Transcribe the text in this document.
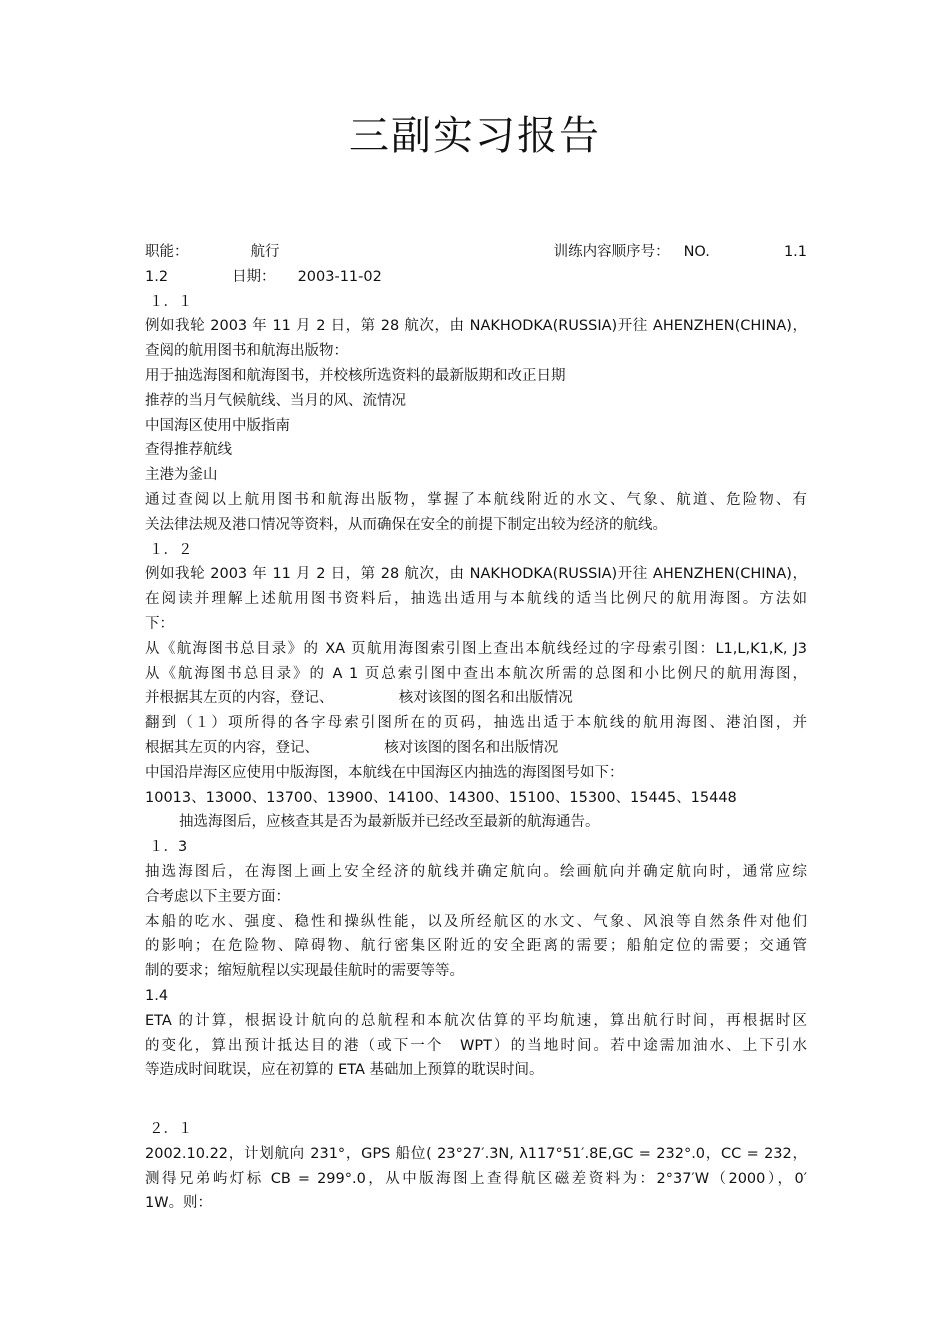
三副实习报告
职能：	航行	训练内容顺序号： NO.	1.1
1.2	日期： 2003-11-02
１．１
例如我轮 2003 年 11 月 2 日，第 28 航次，由 NAKHODKA(RUSSIA)开往 AHENZHEN(CHINA)，
查阅的航用图书和航海出版物：
用于抽选海图和航海图书，并校核所选资料的最新版期和改正日期
推荐的当月气候航线、当月的风、流情况
中国海区使用中版指南
查得推荐航线
主港为釜山
通过查阅以上航用图书和航海出版物，掌握了本航线附近的水文、气象、航道、危险物、有
关法律法规及港口情况等资料，从而确保在安全的前提下制定出较为经济的航线。
１．２
例如我轮 2003 年 11 月 2 日，第 28 航次，由 NAKHODKA(RUSSIA)开往 AHENZHEN(CHINA)，
在阅读并理解上述航用图书资料后，抽选出适用与本航线的适当比例尺的航用海图。方法如
下：
从《航海图书总目录》的 XA 页航用海图索引图上查出本航线经过的字母索引图：L1,L,K1,K, J3
从《航海图书总目录》的 A 1 页总索引图中查出本航次所需的总图和小比例尺的航用海图，
并根据其左页的内容，登记、　　　　　核对该图的图名和出版情况
翻到（１）项所得的各字母索引图所在的页码，抽选出适于本航线的航用海图、港泊图，并
根据其左页的内容，登记、　　　　　核对该图的图名和出版情况
中国沿岸海区应使用中版海图，本航线在中国海区内抽选的海图图号如下：
10013、13000、13700、13900、14100、14300、15100、15300、15445、15448
抽选海图后，应核查其是否为最新版并已经改至最新的航海通告。
１．3
抽选海图后，在海图上画上安全经济的航线并确定航向。绘画航向并确定航向时，通常应综
合考虑以下主要方面：
本船的吃水、强度、稳性和操纵性能，以及所经航区的水文、气象、风浪等自然条件对他们
的影响；在危险物、障碍物、航行密集区附近的安全距离的需要；船舶定位的需要；交通管
制的要求；缩短航程以实现最佳航时的需要等等。
1.4
ETA 的计算，根据设计航向的总航程和本航次估算的平均航速，算出航行时间，再根据时区
的变化，算出预计抵达目的港（或下一个　WPT）的当地时间。若中途需加油水、上下引水
等造成时间耽误，应在初算的 ETA 基础加上预算的耽误时间。
２．１
2002.10.22，计划航向 231°，GPS 船位( 23°27′.3N, λ117°51′.8E,GC = 232°.0，CC = 232，
测得兄弟屿灯标 CB = 299°.0，从中版海图上查得航区磁差资料为：2°37′W（2000），0′
1W。则：
